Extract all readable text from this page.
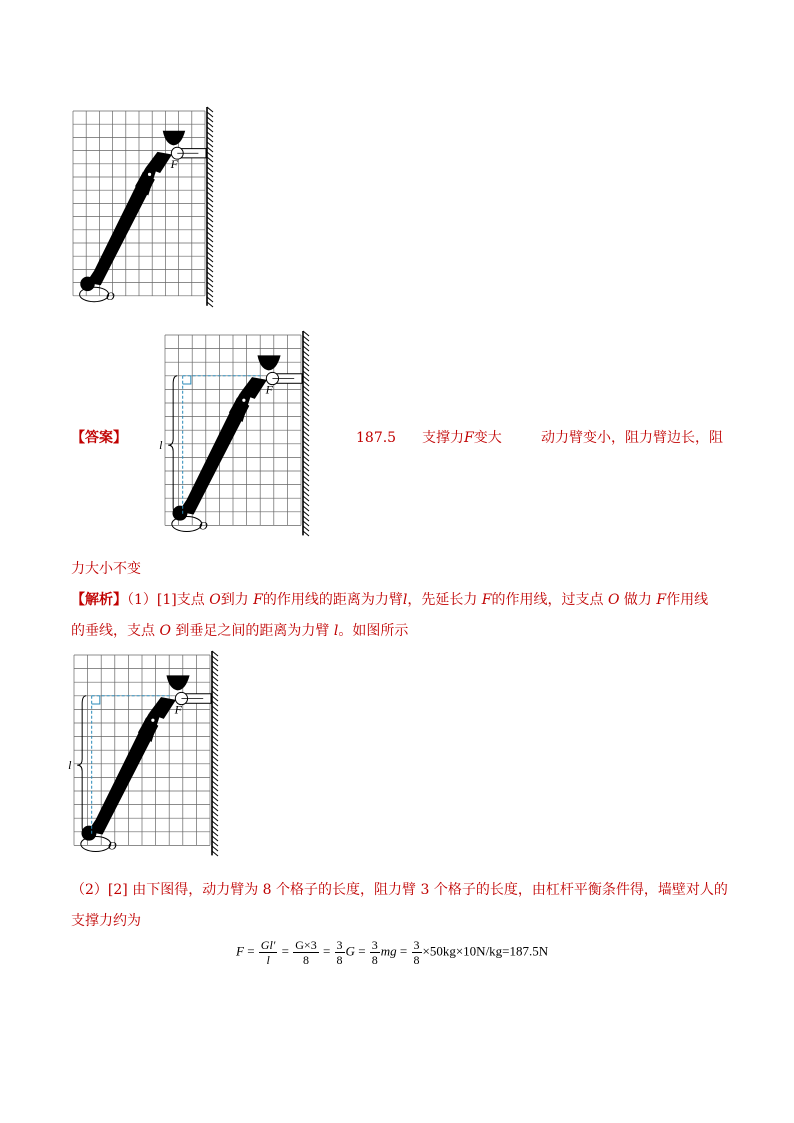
F
A
O
F
A
O
l
F
A
O
l
【答案】	187.5 支撑力F变大	动力臂变小，阻力臂边长，阻
力大小不变
【解析】（1）[1]支点 O到力 F的作用线的距离为力臂l，先延长力 F的作用线，过支点 O 做力 F作用线
的垂线，支点 O 到垂足之间的距离为力臂 l。如图所示
（2）[2] 由下图得，动力臂为 8 个格子的长度，阻力臂 3 个格子的长度，由杠杆平衡条件得，墙壁对人的
支撑力约为
$F = \frac{Gl'}{l} = \frac{G\times 3}{8} = \frac{3}{8}$ $G = \frac{3}{8}$ mg = $\frac{3}{8} \times 50kg\times 10N/kg=187.5N$
